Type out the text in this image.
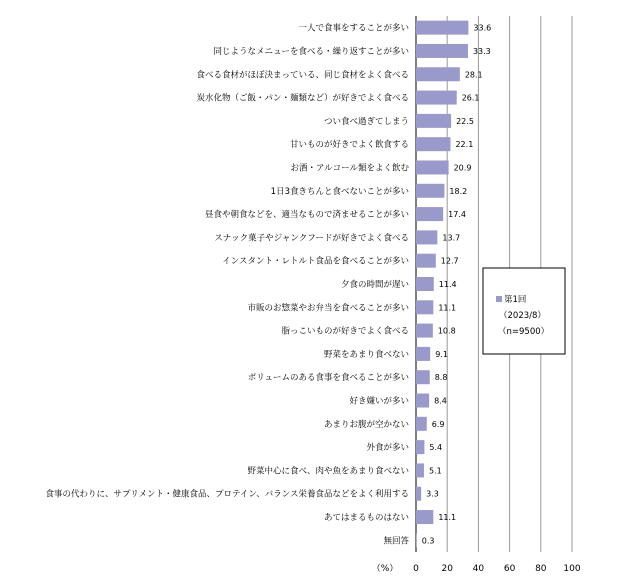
一人で食事をすることが多い
同じようなメニューを食べる・繰り返すことが多い
食べる食材がほぼ決まっている、同じ食材をよく食べる
炭水化物（ご飯・パン・麺類など）が好きでよく食べる
つい食べ過ぎてしまう
甘いものが好きでよく飲食する
お酒・アルコール類をよく飲む
1日3食きちんと食べないことが多い
昼食や朝食などを、適当なもので済ませることが多い
スナック菓子やジャンクフードが好きでよく食べる
インスタント・レトルト食品を食べることが多い
夕食の時間が遅い
市販のお惣菜やお弁当を食べることが多い
脂っこいものが好きでよく食べる
野菜をあまり食べない
ボリュームのある食事を食べることが多い
好き嫌いが多い
あまりお腹が空かない
外食が多い
野菜中心に食べ、肉や魚をあまり食べない
食事の代わりに、サプリメント・健康食品、プロテイン、バランス栄養食品などをよく利用する
あてはまるものはない
無回答
33.6
33.3
28.1
26.1
22.5
22.1
20.9
18.2
17.4
13.7
12.7
11.4
11.1
10.8
9.1
8.8
8.4
6.9
5.4
5.1
3.3
11.1
0.3
0	20 40 60 80 100
（%）
第1回
（2023/8）
（n=9500）
